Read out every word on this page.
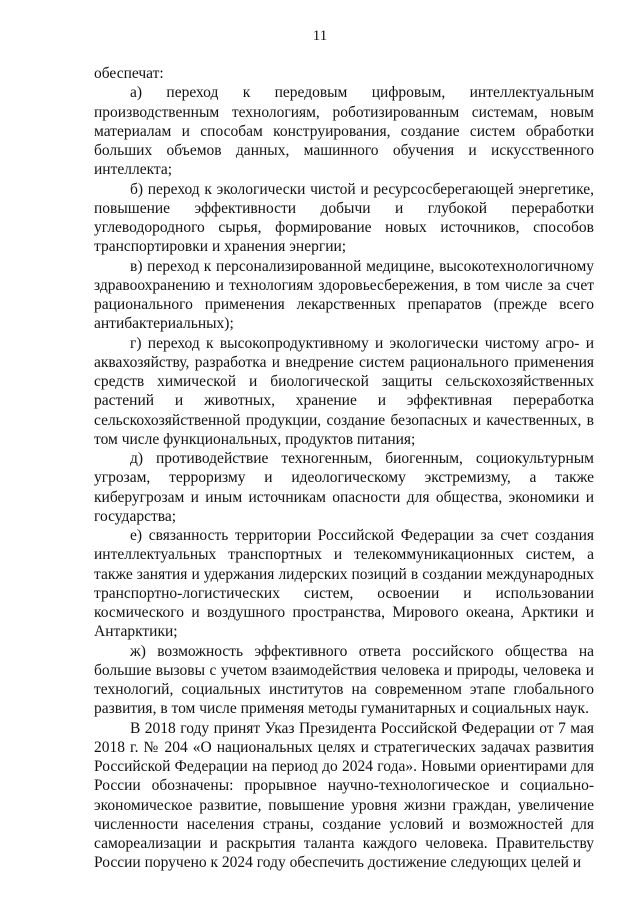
11

обеспечат:

а) переход к передовым цифровым, интеллектуальным производственным технологиям, роботизированным системам, новым материалам и способам конструирования, создание систем обработки больших объемов данных, машинного обучения и искусственного интеллекта;

б) переход к экологически чистой и ресурсосберегающей энергетике, повышение эффективности добычи и глубокой переработки углеводородного сырья, формирование новых источников, способов транспортировки и хранения энергии;

в) переход к персонализированной медицине, высокотехнологичному здравоохранению и технологиям здоровьесбережения, в том числе за счет рационального применения лекарственных препаратов (прежде всего антибактериальных);

г) переход к высокопродуктивному и экологически чистому агро- и аквахозяйству, разработка и внедрение систем рационального применения средств химической и биологической защиты сельскохозяйственных растений и животных, хранение и эффективная переработка сельскохозяйственной продукции, создание безопасных и качественных, в том числе функциональных, продуктов питания;

д) противодействие техногенным, биогенным, социокультурным угрозам, терроризму и идеологическому экстремизму, а также киберугрозам и иным источникам опасности для общества, экономики и государства;

е) связанность территории Российской Федерации за счет создания интеллектуальных транспортных и телекоммуникационных систем, а также занятия и удержания лидерских позиций в создании международных транспортно-логистических систем, освоении и использовании космического и воздушного пространства, Мирового океана, Арктики и Антарктики;

ж) возможность эффективного ответа российского общества на большие вызовы с учетом взаимодействия человека и природы, человека и технологий, социальных институтов на современном этапе глобального развития, в том числе применяя методы гуманитарных и социальных наук.

В 2018 году принят Указ Президента Российской Федерации от 7 мая 2018 г. № 204 «О национальных целях и стратегических задачах развития Российской Федерации на период до 2024 года». Новыми ориентирами для России обозначены: прорывное научно-технологическое и социально-экономическое развитие, повышение уровня жизни граждан, увеличение численности населения страны, создание условий и возможностей для самореализации и раскрытия таланта каждого человека. Правительству России поручено к 2024 году обеспечить достижение следующих целей и
